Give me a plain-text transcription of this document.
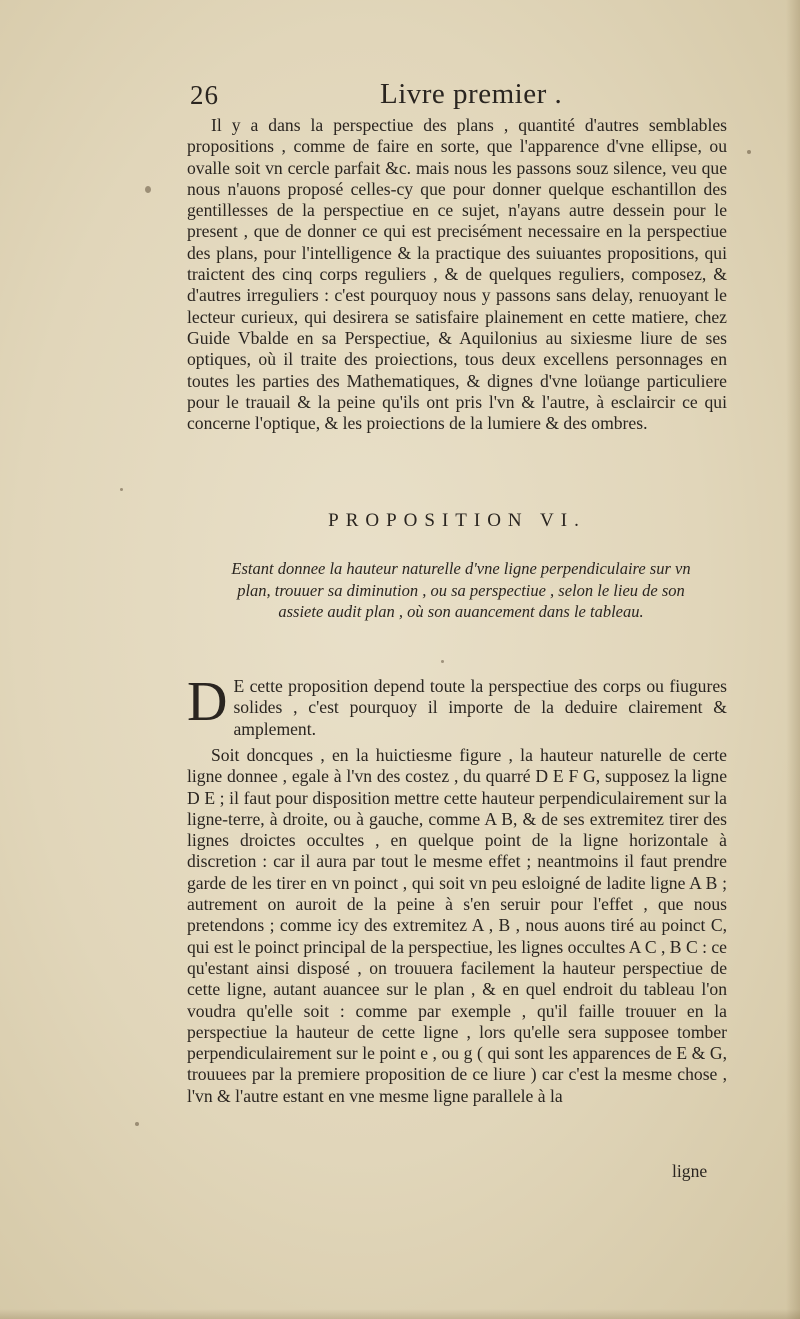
26	Livre premier .

Il y a dans la perspectiue des plans , quantité d'autres semblables propositions , comme de faire en sorte, que l'apparence d'vne ellipse, ou ovalle soit vn cercle parfait &c. mais nous les passons souz silence, veu que nous n'auons proposé celles-cy que pour donner quelque eschantillon des gentillesses de la perspectiue en ce sujet, n'ayans autre dessein pour le present , que de donner ce qui est precisément necessaire en la perspectiue des plans, pour l'intelligence & la practique des suiuantes propositions, qui traictent des cinq corps reguliers , & de quelques reguliers, composez, & d'autres irreguliers : c'est pourquoy nous y passons sans delay, renuoyant le lecteur curieux, qui desirera se satisfaire plainement en cette matiere, chez Guide Vbalde en sa Perspectiue, & Aquilonius au sixiesme liure de ses optiques, où il traite des proiections, tous deux excellens personnages en toutes les parties des Mathematiques, & dignes d'vne loüange particuliere pour le trauail & la peine qu'ils ont pris l'vn & l'autre, à esclaircir ce qui concerne l'optique, & les proiections de la lumiere & des ombres.

PROPOSITION VI.
Estant donnee la hauteur naturelle d'vne ligne perpendiculaire sur vn plan, trouuer sa diminution , ou sa perspectiue , selon le lieu de son assiete audit plan , où son auancement dans le tableau.
D E cette proposition depend toute la perspectiue des corps ou fiugures solides , c'est pourquoy il importe de la deduire clairement & amplement.

Soit doncques , en la huictiesme figure , la hauteur naturelle de certe ligne donnee , egale à l'vn des costez , du quarré D E F G, supposez la ligne D E ; il faut pour disposition mettre cette hauteur perpendiculairement sur la ligne-terre, à droite, ou à gauche, comme A B, & de ses extremitez tirer des lignes droictes occultes , en quelque point de la ligne horizontale à discretion : car il aura par tout le mesme effet ; neantmoins il faut prendre garde de les tirer en vn poinct , qui soit vn peu esloigné de ladite ligne A B ; autrement on auroit de la peine à s'en seruir pour l'effet , que nous pretendons ; comme icy des extremitez A , B , nous auons tiré au poinct C, qui est le poinct principal de la perspectiue, les lignes occultes A C , B C : ce qu'estant ainsi disposé , on trouuera facilement la hauteur perspectiue de cette ligne, autant auancee sur le plan , & en quel endroit du tableau l'on voudra qu'elle soit : comme par exemple , qu'il faille trouuer en la perspectiue la hauteur de cette ligne , lors qu'elle sera supposee tomber perpendiculairement sur le point e , ou g ( qui sont les apparences de E & G, trouuees par la premiere proposition de ce liure ) car c'est la mesme chose , l'vn & l'autre estant en vne mesme ligne parallele à la

ligne
